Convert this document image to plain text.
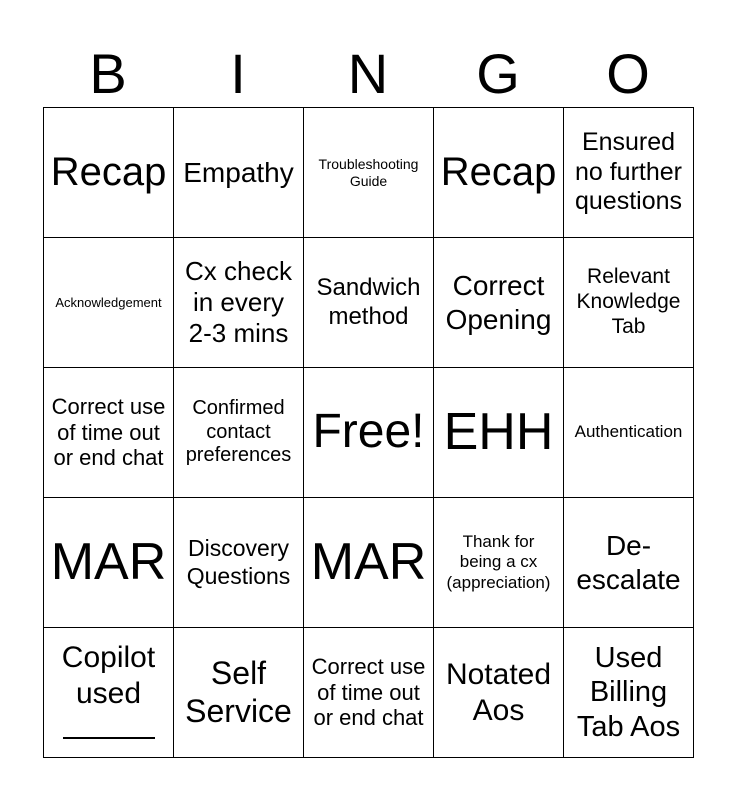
B	I	N	G	O
Recap	Empathy	Troubleshooting Guide	Recap	Ensured no further questions

Acknowledgement	Cx check in every 2-3 mins	Sandwich method	Correct Opening	Relevant Knowledge Tab

Correct use of time out or end chat	Confirmed contact preferences	Free!	EHH	Authentication

MAR	Discovery Questions	MAR	Thank for being a cx (appreciation)	De-escalate

Copilot used	Self Service	Correct use of time out or end chat	Notated Aos	Used Billing Tab Aos
